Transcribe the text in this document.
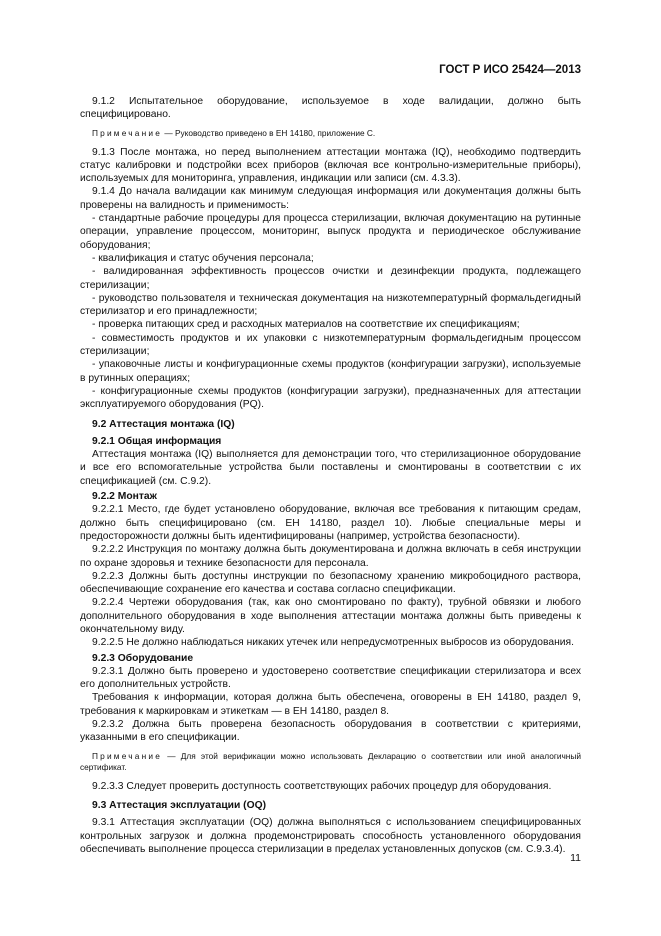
ГОСТ Р ИСО 25424—2013

9.1.2 Испытательное оборудование, используемое в ходе валидации, должно быть специфицировано.

Примечание — Руководство приведено в ЕН 14180, приложение С.

9.1.3 После монтажа, но перед выполнением аттестации монтажа (IQ), необходимо подтвердить статус калибровки и подстройки всех приборов (включая все контрольно-измерительные приборы), используемых для мониторинга, управления, индикации или записи (см. 4.3.3).

9.1.4 До начала валидации как минимум следующая информация или документация должны быть проверены на валидность и применимость:

- стандартные рабочие процедуры для процесса стерилизации, включая документацию на рутинные операции, управление процессом, мониторинг, выпуск продукта и периодическое обслуживание оборудования;

- квалификация и статус обучения персонала;

- валидированная эффективность процессов очистки и дезинфекции продукта, подлежащего стерилизации;

- руководство пользователя и техническая документация на низкотемпературный формальдегидный стерилизатор и его принадлежности;

- проверка питающих сред и расходных материалов на соответствие их спецификациям;

- совместимость продуктов и их упаковки с низкотемпературным формальдегидным процессом стерилизации;

- упаковочные листы и конфигурационные схемы продуктов (конфигурации загрузки), используемые в рутинных операциях;

- конфигурационные схемы продуктов (конфигурации загрузки), предназначенных для аттестации эксплуатируемого оборудования (PQ).

9.2 Аттестация монтажа (IQ)

9.2.1 Общая информация

Аттестация монтажа (IQ) выполняется для демонстрации того, что стерилизационное оборудование и все его вспомогательные устройства были поставлены и смонтированы в соответствии с их спецификацией (см. С.9.2).

9.2.2 Монтаж

9.2.2.1 Место, где будет установлено оборудование, включая все требования к питающим средам, должно быть специфицировано (см. ЕН 14180, раздел 10). Любые специальные меры и предосторожности должны быть идентифицированы (например, устройства безопасности).

9.2.2.2 Инструкция по монтажу должна быть документирована и должна включать в себя инструкции по охране здоровья и технике безопасности для персонала.

9.2.2.3 Должны быть доступны инструкции по безопасному хранению микробоцидного раствора, обеспечивающие сохранение его качества и состава согласно спецификации.

9.2.2.4 Чертежи оборудования (так, как оно смонтировано по факту), трубной обвязки и любого дополнительного оборудования в ходе выполнения аттестации монтажа должны быть приведены к окончательному виду.

9.2.2.5 Не должно наблюдаться никаких утечек или непредусмотренных выбросов из оборудования.

9.2.3 Оборудование

9.2.3.1 Должно быть проверено и удостоверено соответствие спецификации стерилизатора и всех его дополнительных устройств.

Требования к информации, которая должна быть обеспечена, оговорены в ЕН 14180, раздел 9, требования к маркировкам и этикеткам — в ЕН 14180, раздел 8.

9.2.3.2 Должна быть проверена безопасность оборудования в соответствии с критериями, указанными в его спецификации.

Примечание — Для этой верификации можно использовать Декларацию о соответствии или иной аналогичный сертификат.

9.2.3.3 Следует проверить доступность соответствующих рабочих процедур для оборудования.

9.3 Аттестация эксплуатации (OQ)

9.3.1 Аттестация эксплуатации (OQ) должна выполняться с использованием специфицированных контрольных загрузок и должна продемонстрировать способность установленного оборудования обеспечивать выполнение процесса стерилизации в пределах установленных допусков (см. С.9.3.4).

11
